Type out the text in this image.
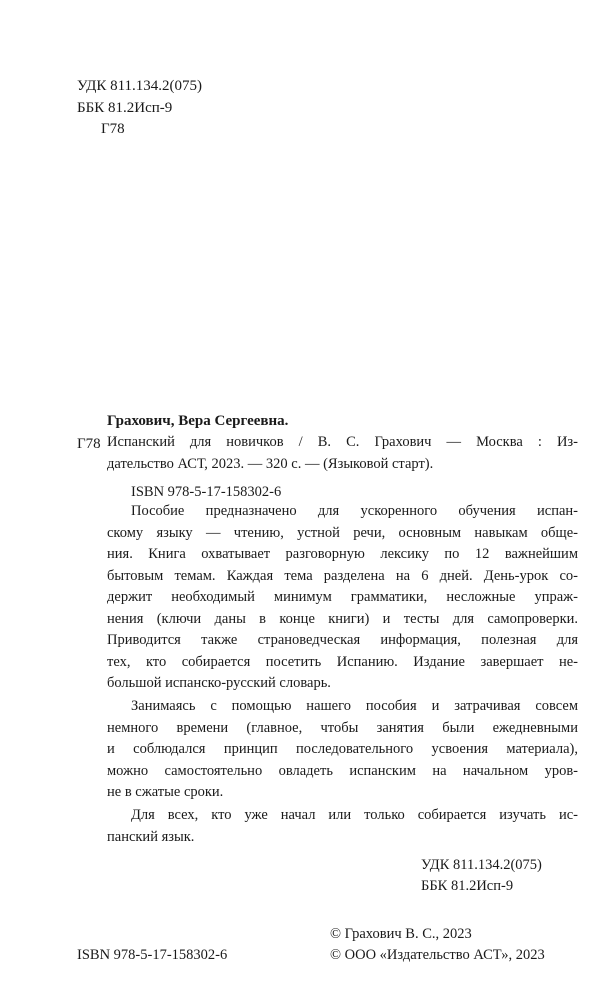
УДК 811.134.2(075)
ББК 81.2Исп-9
Г78
Грахович, Вера Сергеевна.
Г78 Испанский для новичков / В. С. Грахович — Москва : Из-
дательство АСТ, 2023. — 320 с. — (Языковой старт).
ISBN 978-5-17-158302-6
Пособие предназначено для ускоренного обучения испан-
скому языку — чтению, устной речи, основным навыкам обще-
ния. Книга охватывает разговорную лексику по 12 важнейшим
бытовым темам. Каждая тема разделена на 6 дней. День-урок со-
держит необходимый минимум грамматики, несложные упраж-
нения (ключи даны в конце книги) и тесты для самопроверки.
Приводится также страноведческая информация, полезная для
тех, кто собирается посетить Испанию. Издание завершает не-
большой испанско-русский словарь.
Занимаясь с помощью нашего пособия и затрачивая совсем
немного времени (главное, чтобы занятия были ежедневными
и соблюдался принцип последовательного усвоения материала),
можно самостоятельно овладеть испанским на начальном уров-
не в сжатые сроки.
Для всех, кто уже начал или только собирается изучать ис-
панский язык.
УДК 811.134.2(075)
ББК 81.2Исп-9
© Грахович В. С., 2023
ISBN 978-5-17-158302-6	© ООО «Издательство АСТ», 2023
